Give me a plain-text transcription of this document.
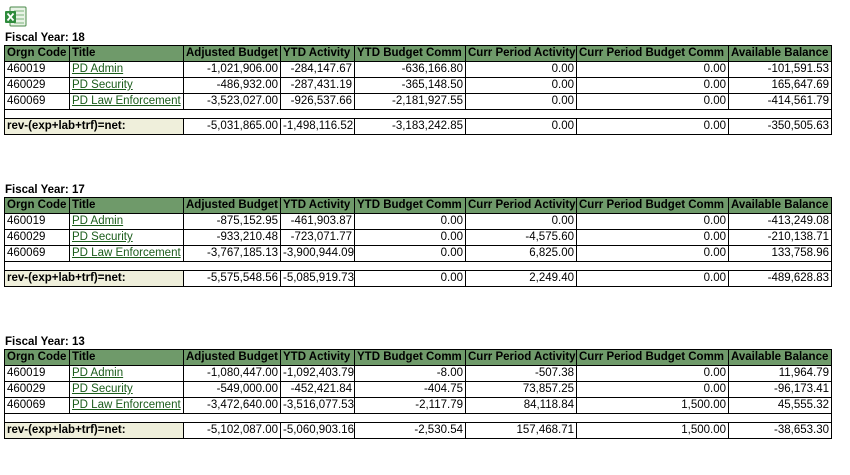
Fiscal Year: 18
Orgn Code	Title	Adjusted Budget	YTD Activity	YTD Budget Comm	Curr Period Activity	Curr Period Budget Comm	Available Balance
460019	PD Admin	-1,021,906.00	-284,147.67	-636,166.80	0.00	0.00	-101,591.53
460029	PD Security	-486,932.00	-287,431.19	-365,148.50	0.00	0.00	165,647.69
460069	PD Law Enforcement	-3,523,027.00	-926,537.66	-2,181,927.55	0.00	0.00	-414,561.79

rev-(exp+lab+trf)=net:		-5,031,865.00	-1,498,116.52	-3,183,242.85	0.00	0.00	-350,505.63
Fiscal Year: 17
Orgn Code	Title	Adjusted Budget	YTD Activity	YTD Budget Comm	Curr Period Activity	Curr Period Budget Comm	Available Balance
460019	PD Admin	-875,152.95	-461,903.87	0.00	0.00	0.00	-413,249.08
460029	PD Security	-933,210.48	-723,071.77	0.00	-4,575.60	0.00	-210,138.71
460069	PD Law Enforcement	-3,767,185.13	-3,900,944.09	0.00	6,825.00	0.00	133,758.96

rev-(exp+lab+trf)=net:		-5,575,548.56	-5,085,919.73	0.00	2,249.40	0.00	-489,628.83
Fiscal Year: 13
Orgn Code	Title	Adjusted Budget	YTD Activity	YTD Budget Comm	Curr Period Activity	Curr Period Budget Comm	Available Balance
460019	PD Admin	-1,080,447.00	-1,092,403.79	-8.00	-507.38	0.00	11,964.79
460029	PD Security	-549,000.00	-452,421.84	-404.75	73,857.25	0.00	-96,173.41
460069	PD Law Enforcement	-3,472,640.00	-3,516,077.53	-2,117.79	84,118.84	1,500.00	45,555.32

rev-(exp+lab+trf)=net:		-5,102,087.00	-5,060,903.16	-2,530.54	157,468.71	1,500.00	-38,653.30
